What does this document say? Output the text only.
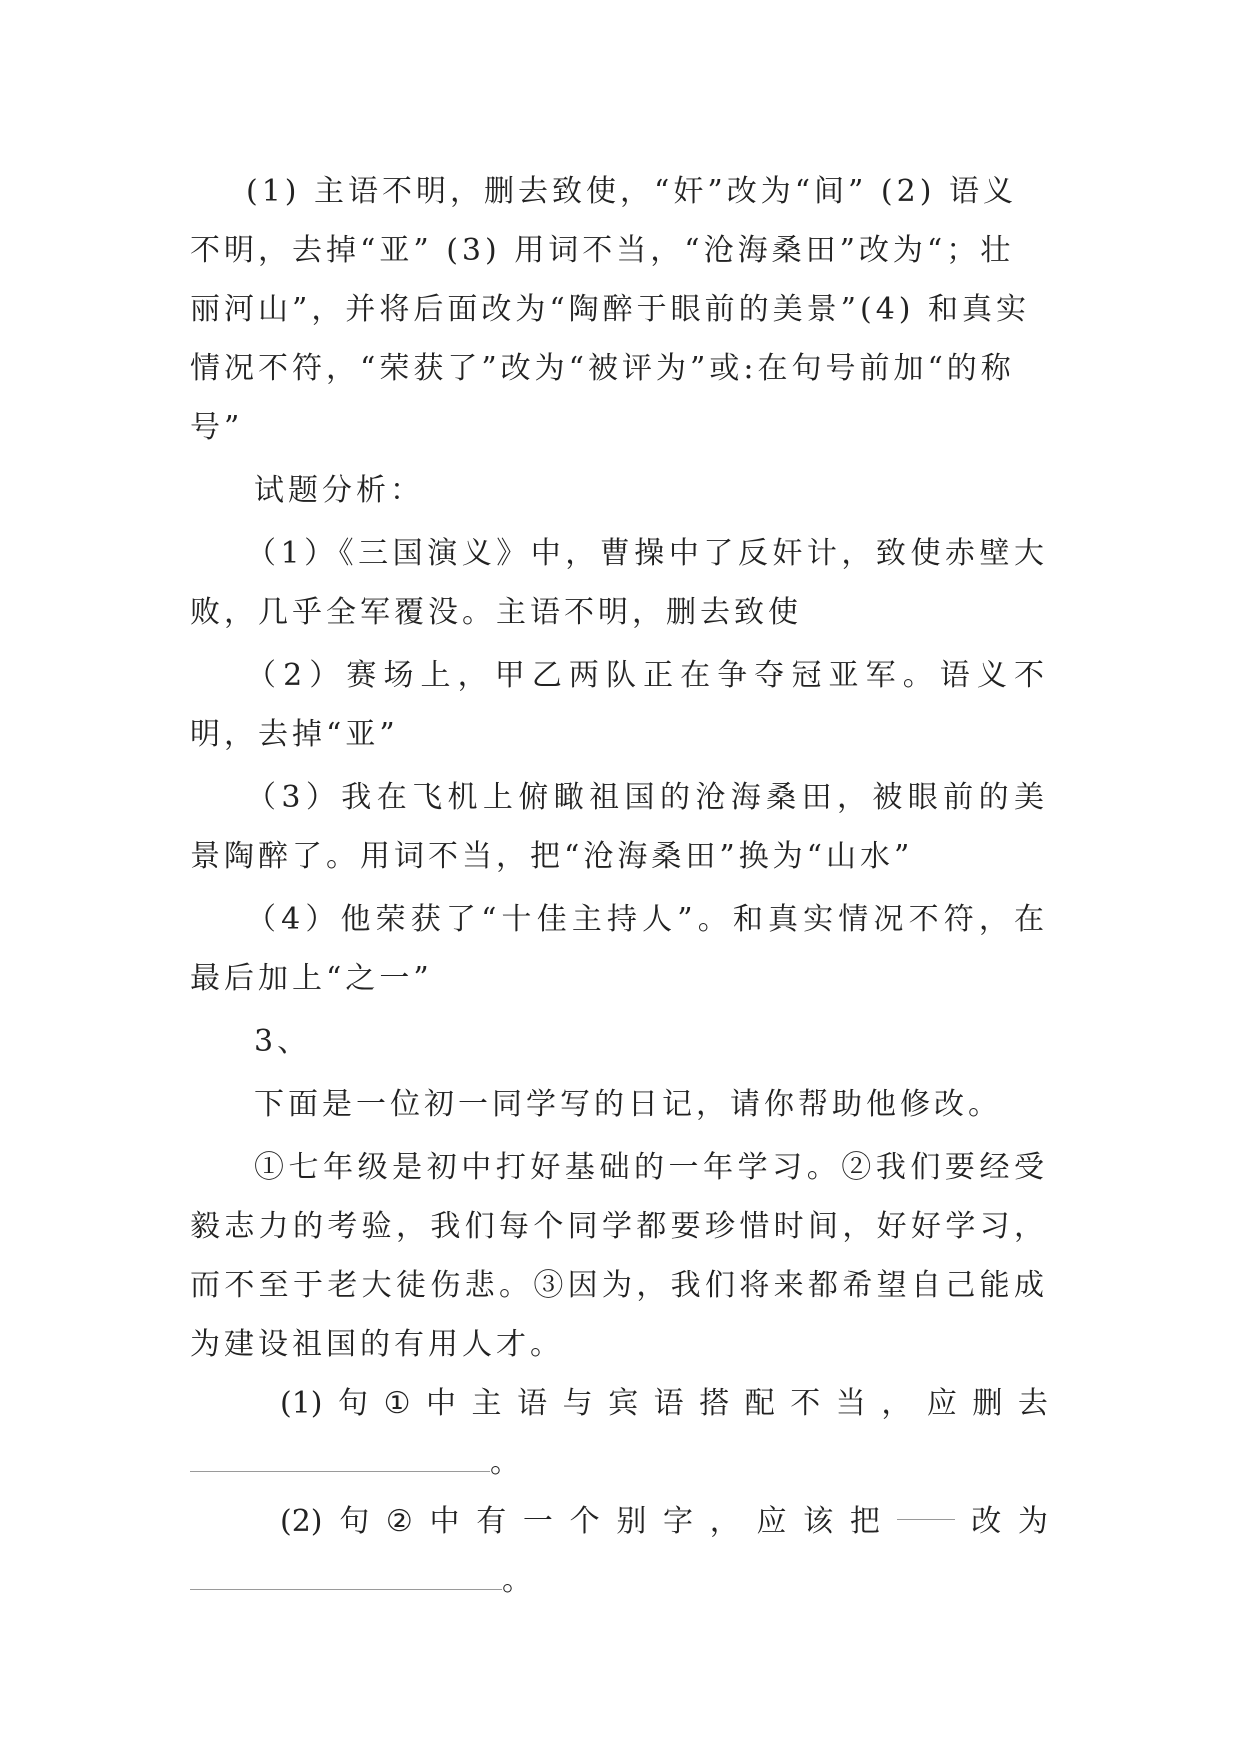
(1) 主语不明，删去致使，“奸”改为“间” (2) 语义
不明，去掉“亚” (3) 用词不当，“沧海桑田”改为“；壮
丽河山”，并将后面改为“陶醉于眼前的美景”(4) 和真实
情况不符，“荣获了”改为“被评为”或:在句号前加“的称
号”

试题分析：

（1）《三国演义》中，曹操中了反奸计，致使赤壁大败，几乎全军覆没。主语不明，删去致使

（2）赛场上，甲乙两队正在争夺冠亚军。语义不明，去掉“亚”

（3）我在飞机上俯瞰祖国的沧海桑田，被眼前的美景陶醉了。用词不当，把“沧海桑田”换为“山水”

（4）他荣获了“十佳主持人”。和真实情况不符，在最后加上“之一”

3、

下面是一位初一同学写的日记，请你帮助他修改。

①七年级是初中打好基础的一年学习。②我们要经受毅志力的考验，我们每个同学都要珍惜时间，好好学习，而不至于老大徒伤悲。③因为，我们将来都希望自己能成为建设祖国的有用人才。

(1) 句 ① 中 主 语 与 宾 语 搭 配 不 当 ， 应 删 去
。
(2) 句 ② 中 有 一 个 别 字 ， 应 该 把	改 为
。
